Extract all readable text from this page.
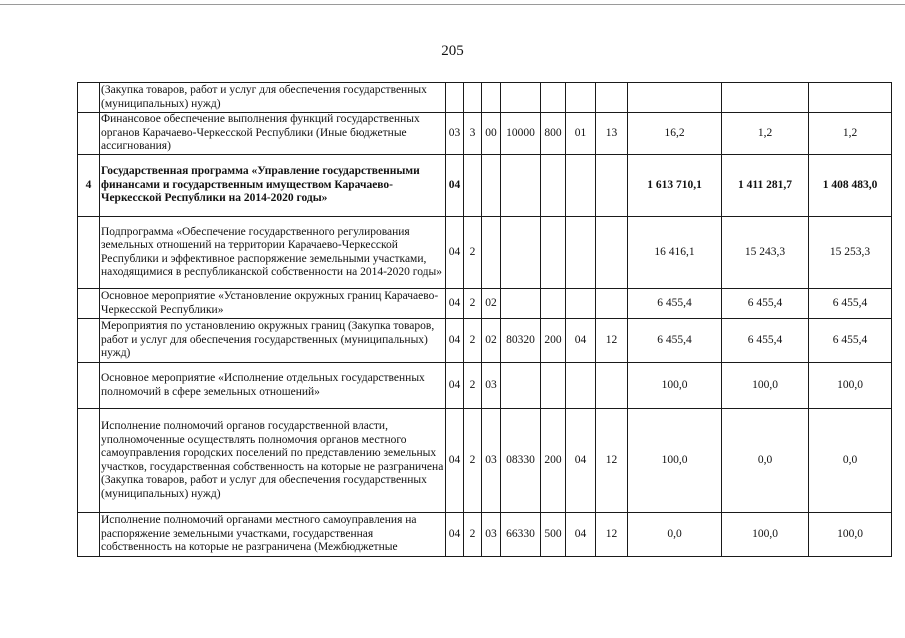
205
	(Закупка товаров, работ и услуг для обеспечения государственных (муниципальных) нужд)										
	Финансовое обеспечение выполнения функций государственных органов Карачаево-Черкесской Республики (Иные бюджетные ассигнования)	03	3	00	10000	800	01	13	16,2	1,2	1,2
4	Государственная программа «Управление государственными финансами и государственным имуществом Карачаево-Черкесской Республики на 2014-2020 годы»	04							1 613 710,1	1 411 281,7	1 408 483,0
	Подпрограмма «Обеспечение государственного регулирования земельных отношений на территории Карачаево-Черкесской Республики и эффективное распоряжение земельными участками, находящимися в республиканской собственности на 2014-2020 годы»	04	2						16 416,1	15 243,3	15 253,3
	Основное мероприятие «Установление окружных границ Карачаево-Черкесской Республики»	04	2	02					6 455,4	6 455,4	6 455,4
	Мероприятия по установлению окружных границ (Закупка товаров, работ и услуг для обеспечения государственных (муниципальных) нужд)	04	2	02	80320	200	04	12	6 455,4	6 455,4	6 455,4
	Основное мероприятие «Исполнение отдельных государственных полномочий в сфере земельных отношений»	04	2	03					100,0	100,0	100,0
	Исполнение полномочий органов государственной власти, уполномоченные осуществлять полномочия органов местного самоуправления городских поселений по представлению земельных участков, государственная собственность на которые не разграничена (Закупка товаров, работ и услуг для обеспечения государственных (муниципальных) нужд)	04	2	03	08330	200	04	12	100,0	0,0	0,0
	Исполнение полномочий органами местного самоуправления на распоряжение земельными участками, государственная собственность на которые не разграничена (Межбюджетные	04	2	03	66330	500	04	12	0,0	100,0	100,0
